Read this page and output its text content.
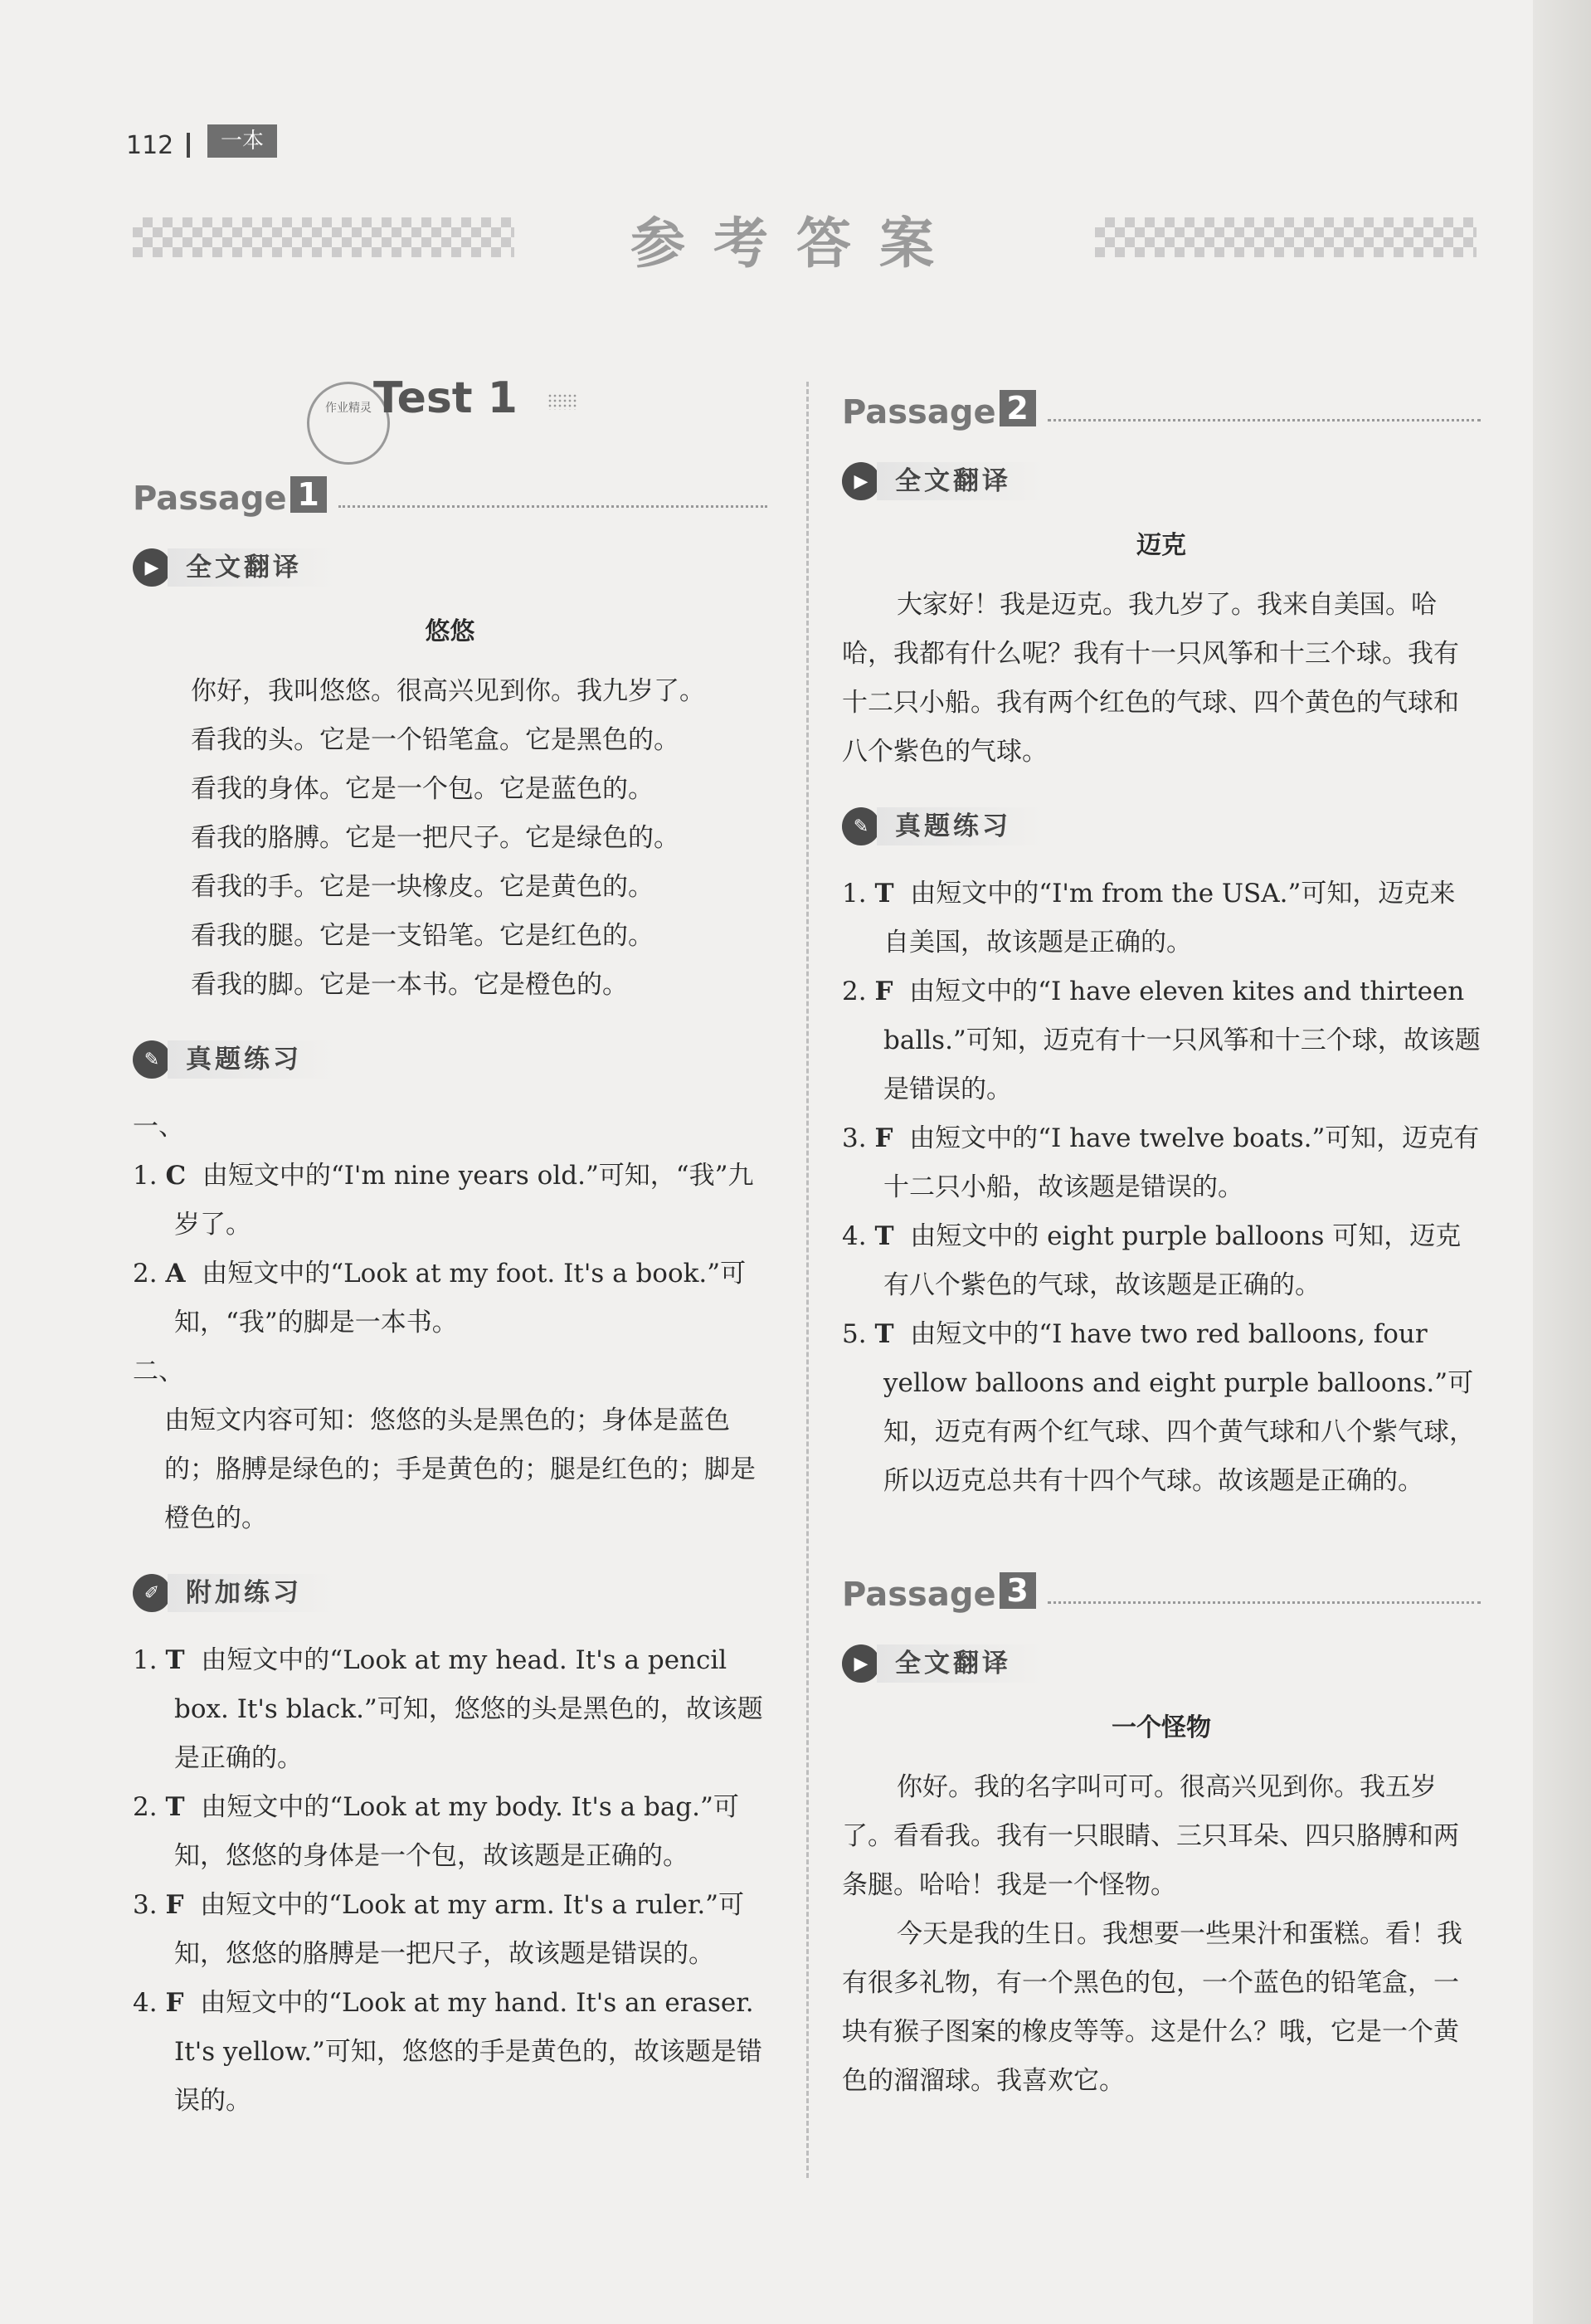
112	一本
参考答案
作业精灵 Test 1
Passage 1
▶	全文翻译
悠悠
你好，我叫悠悠。很高兴见到你。我九岁了。
看我的头。它是一个铅笔盒。它是黑色的。
看我的身体。它是一个包。它是蓝色的。
看我的胳膊。它是一把尺子。它是绿色的。
看我的手。它是一块橡皮。它是黄色的。
看我的腿。它是一支铅笔。它是红色的。
看我的脚。它是一本书。它是橙色的。
✎	真题练习
一、
1. C 由短文中的“I'm nine years old.”可知，“我”九岁了。
2. A 由短文中的“Look at my foot. It's a book.”可知，“我”的脚是一本书。
二、
由短文内容可知：悠悠的头是黑色的；身体是蓝色的；胳膊是绿色的；手是黄色的；腿是红色的；脚是橙色的。
✐	附加练习
1. T 由短文中的“Look at my head. It's a pencil box. It's black.”可知，悠悠的头是黑色的，故该题是正确的。
2. T 由短文中的“Look at my body. It's a bag.”可知，悠悠的身体是一个包，故该题是正确的。
3. F 由短文中的“Look at my arm. It's a ruler.”可知，悠悠的胳膊是一把尺子，故该题是错误的。
4. F 由短文中的“Look at my hand. It's an eraser. It's yellow.”可知，悠悠的手是黄色的，故该题是错误的。
Passage 2
▶	全文翻译
迈克
大家好！我是迈克。我九岁了。我来自美国。哈哈，我都有什么呢？我有十一只风筝和十三个球。我有十二只小船。我有两个红色的气球、四个黄色的气球和八个紫色的气球。
✎	真题练习
1. T 由短文中的“I'm from the USA.”可知，迈克来自美国，故该题是正确的。
2. F 由短文中的“I have eleven kites and thirteen balls.”可知，迈克有十一只风筝和十三个球，故该题是错误的。
3. F 由短文中的“I have twelve boats.”可知，迈克有十二只小船，故该题是错误的。
4. T 由短文中的 eight purple balloons 可知，迈克有八个紫色的气球，故该题是正确的。
5. T 由短文中的“I have two red balloons, four yellow balloons and eight purple balloons.”可知，迈克有两个红气球、四个黄气球和八个紫气球，所以迈克总共有十四个气球。故该题是正确的。
Passage 3
▶	全文翻译
一个怪物
你好。我的名字叫可可。很高兴见到你。我五岁了。看看我。我有一只眼睛、三只耳朵、四只胳膊和两条腿。哈哈！我是一个怪物。
今天是我的生日。我想要一些果汁和蛋糕。看！我有很多礼物，有一个黑色的包，一个蓝色的铅笔盒，一块有猴子图案的橡皮等等。这是什么？哦，它是一个黄色的溜溜球。我喜欢它。
